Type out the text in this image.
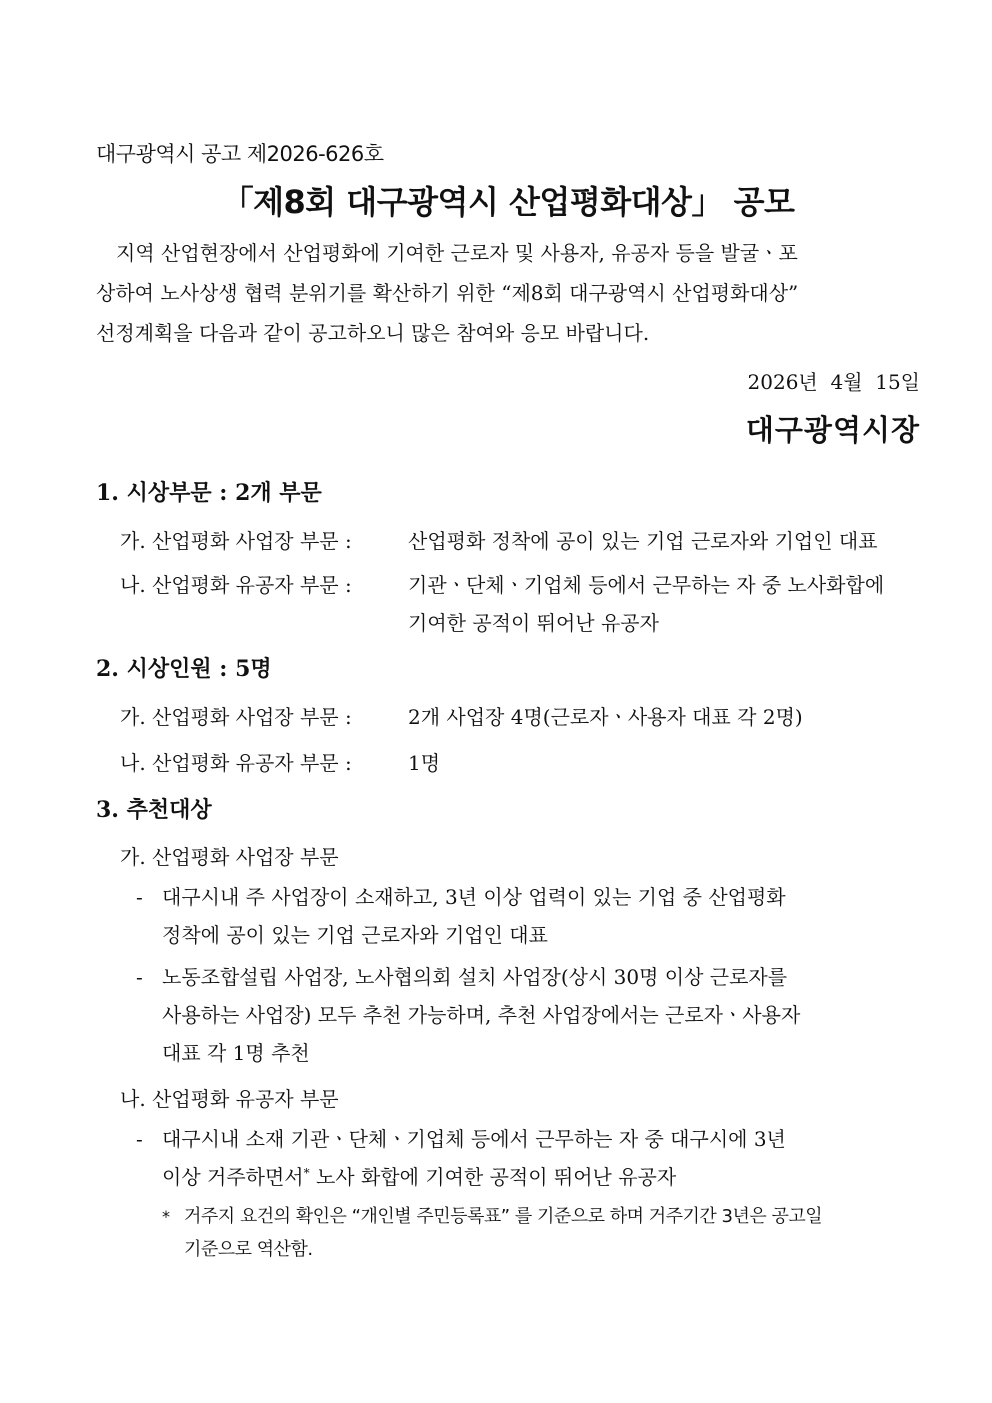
대구광역시 공고 제2026-626호
「제8회 대구광역시 산업평화대상」 공모
지역 산업현장에서 산업평화에 기여한 근로자 및 사용자, 유공자 등을 발굴ㆍ포
상하여 노사상생 협력 분위기를 확산하기 위한 “제8회 대구광역시 산업평화대상”
선정계획을 다음과 같이 공고하오니 많은 참여와 응모 바랍니다.
2026년  4월  15일
대구광역시장
1. 시상부문 : 2개 부문
가. 산업평화 사업장 부문 :	산업평화 정착에 공이 있는 기업 근로자와 기업인 대표
나. 산업평화 유공자 부문 :	기관ㆍ단체ㆍ기업체 등에서 근무하는 자 중 노사화합에
기여한 공적이 뛰어난 유공자
2. 시상인원 : 5명
가. 산업평화 사업장 부문 :	2개 사업장 4명(근로자ㆍ사용자 대표 각 2명)
나. 산업평화 유공자 부문 :	1명
3. 추천대상
가. 산업평화 사업장 부문
- 대구시내 주 사업장이 소재하고, 3년 이상 업력이 있는 기업 중 산업평화
정착에 공이 있는 기업 근로자와 기업인 대표
- 노동조합설립 사업장, 노사협의회 설치 사업장(상시 30명 이상 근로자를
사용하는 사업장) 모두 추천 가능하며, 추천 사업장에서는 근로자ㆍ사용자
대표 각 1명 추천
나. 산업평화 유공자 부문
- 대구시내 소재 기관ㆍ단체ㆍ기업체 등에서 근무하는 자 중 대구시에 3년
이상 거주하면서* 노사 화합에 기여한 공적이 뛰어난 유공자
* 거주지 요건의 확인은 “개인별 주민등록표” 를 기준으로 하며 거주기간 3년은 공고일
기준으로 역산함.
